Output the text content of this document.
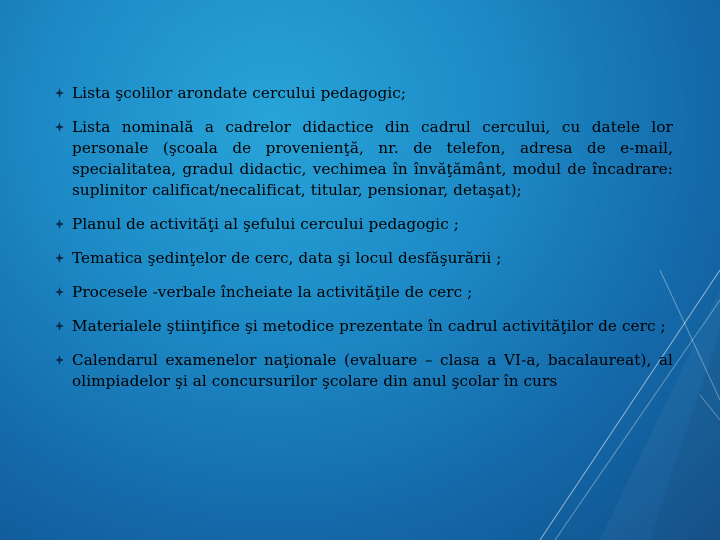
Lista şcolilor arondate cercului pedagogic;
Lista nominală a cadrelor didactice din cadrul cercului, cu datele lor personale (şcoala de provenienţă, nr. de telefon, adresa de e-mail, specialitatea, gradul didactic, vechimea în învăţământ, modul de încadrare: suplinitor calificat/necalificat, titular, pensionar, detaşat);
Planul de activităţi al şefului cercului pedagogic ;
Tematica şedinţelor de cerc, data şi locul desfăşurării ;
Procesele -verbale încheiate la activităţile de cerc ;
Materialele ştiinţifice şi metodice prezentate în cadrul activităţilor de cerc ;
Calendarul examenelor naţionale (evaluare – clasa a VI-a, bacalaureat), al olimpiadelor şi al concursurilor şcolare din anul şcolar în curs
